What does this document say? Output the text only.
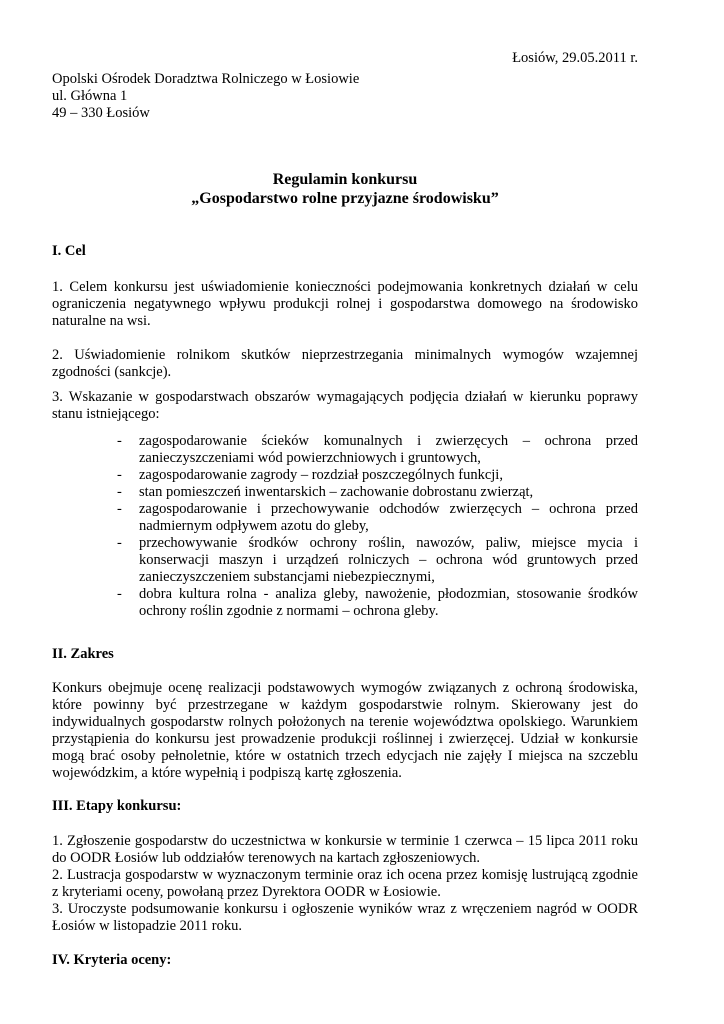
Łosiów, 29.05.2011 r.

Opolski Ośrodek Doradztwa Rolniczego w Łosiowie
ul. Główna 1
49 – 330 Łosiów
Regulamin konkursu
„Gospodarstwo rolne przyjazne środowisku”
I. Cel

1. Celem konkursu jest uświadomienie konieczności podejmowania konkretnych działań w celu ograniczenia negatywnego wpływu produkcji rolnej i gospodarstwa domowego na środowisko naturalne na wsi.

2. Uświadomienie rolnikom skutków nieprzestrzegania minimalnych wymogów wzajemnej zgodności (sankcje).

3. Wskazanie w gospodarstwach obszarów wymagających podjęcia działań w kierunku poprawy stanu istniejącego:

- zagospodarowanie ścieków komunalnych i zwierzęcych – ochrona przed zanieczyszczeniami wód powierzchniowych i gruntowych,
- zagospodarowanie zagrody – rozdział poszczególnych funkcji,
- stan pomieszczeń inwentarskich – zachowanie dobrostanu zwierząt,
- zagospodarowanie i przechowywanie odchodów zwierzęcych – ochrona przed nadmiernym odpływem azotu do gleby,
- przechowywanie środków ochrony roślin, nawozów, paliw, miejsce mycia i konserwacji maszyn i urządzeń rolniczych – ochrona wód gruntowych przed zanieczyszczeniem substancjami niebezpiecznymi,
- dobra kultura rolna - analiza gleby, nawożenie, płodozmian, stosowanie środków ochrony roślin zgodnie z normami – ochrona gleby.
II. Zakres

Konkurs obejmuje ocenę realizacji podstawowych wymogów związanych z ochroną środowiska, które powinny być przestrzegane w każdym gospodarstwie rolnym. Skierowany jest do indywidualnych gospodarstw rolnych położonych na terenie województwa opolskiego. Warunkiem przystąpienia do konkursu jest prowadzenie produkcji roślinnej i zwierzęcej. Udział w konkursie mogą brać osoby pełnoletnie, które w ostatnich trzech edycjach nie zajęły I miejsca na szczeblu wojewódzkim, a które wypełnią i podpiszą kartę zgłoszenia.

III. Etapy konkursu:

1. Zgłoszenie gospodarstw do uczestnictwa w konkursie w terminie 1 czerwca – 15 lipca 2011 roku do OODR Łosiów lub oddziałów terenowych na kartach zgłoszeniowych.

2. Lustracja gospodarstw w wyznaczonym terminie oraz ich ocena przez komisję lustrującą zgodnie z kryteriami oceny, powołaną przez Dyrektora OODR w Łosiowie.

3. Uroczyste podsumowanie konkursu i ogłoszenie wyników wraz z wręczeniem nagród w OODR Łosiów w listopadzie 2011 roku.

IV. Kryteria oceny:
